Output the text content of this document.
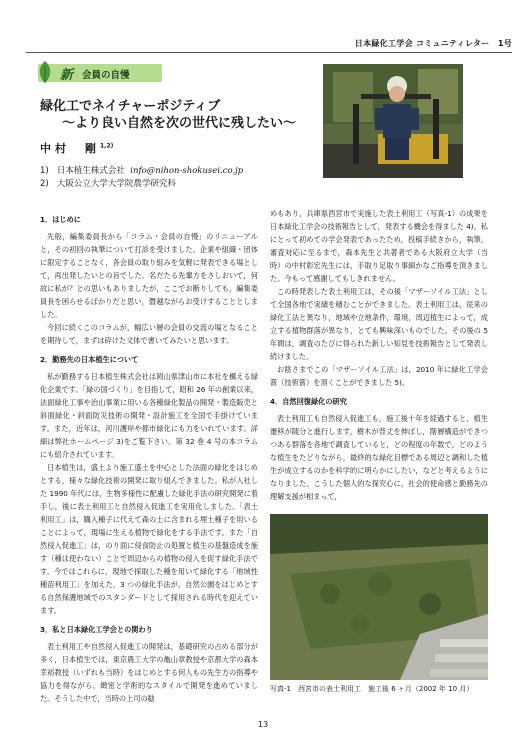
日本緑化工学会 コミュニティレター　1号
新 会員の自慢
緑化工でネイチャーポジティブ
〜より良い自然を次の世代に残したい〜
中村　剛$^{1,2)}$
1) 日本植生株式会社 info@nihon-shokusei.co.jp
2) 大阪公立大学大学院農学研究科

1．はじめに

先般，編集委員長から「コラム・会員の自慢」のリニューアルと，その初回の執筆について打診を受けました。企業や組織・団体に限定することなく，各会員の取り組みを気軽に発表できる場として，再出発したいとの旨でした。名だたる先輩方をさしおいて，何故に私が？との思いもありましたが，ここでお断りしても，編集委員長を困らせるばかりだと思い，僭越ながらお受けすることとしました。

今回に続くこのコラムが，幅広い層の会員の交流の場となることを期待して，まずは砕けた文体で書いてみたいと思います。

2．勤務先の日本植生について

私が勤務する日本植生株式会社は岡山県津山市に本社を構える緑化企業です。「緑の国づくり」を目指して，昭和 26 年の創業以来，法面緑化工事や治山事業に用いる各種緑化製品の開発・製造販売と斜面緑化・斜面防災技術の開発・設計施工を全国で手掛けています。また，近年は，河川護岸や都市緑化にも力をいれています。詳細は弊社ホームページ 3)をご覧下さい。第 32 巻 4 号の本コラムにも紹介されています。

日本植生は，盛土より施工盛土を中心とした法面の緑化をはじめとする，様々な緑化技術の開発に取り組んできました。私が入社した 1990 年代には，生物多様性に配慮した緑化手法の研究開発に着手し，後に表土利用工と自然侵入促進工を実用化しました。「表土利用工」は，購入種子に代えて森の土に含まれる埋土種子を用いることによって，現場に生える植物で緑化をする手法です。また「自然侵入促進工」は，のり面に侵食防止の処置と植生の基盤造成を施す（種は使わない）ことで周辺からの植物の侵入を促す緑化手法です。今ではこれらに，現地で採取した種を用いて緑化する「地域性種苗利用工」を加えた，3 つの緑化手法が，自然公園をはじめとする自然保護地域でのスタンダードとして採用される時代を迎えています。

3．私と日本緑化工学会との関わり

表土利用工や自然侵入促進工の開発は，基礎研究の占める部分が多く，日本植生では，東京農工大学の亀山章教授や京都大学の森本幸裕教授（いずれも当時）をはじめとする何人もの先生方の指導や協力を得ながら，緻密と学術的なスタイルで開発を進めていました。そうした中で，当時の上司の勧

めもあり，兵庫県西宮市で実施した表土利用工（写真-1）の成果を日本緑化工学会の技術報告として，発表する機会を得ました 4)。私にとって初めての学会発表であったため，投稿手続きから，執筆，審査対応に至るまで，森本先生と共著者である大阪府立大学（当時）の中村彰宏先生には，手取り足取り事細かなご指導を頂きました。今もって感謝してもしきれません。

この時発表した表土利用工は，その後「マザーソイル工法」として全国各地で実績を積むことができました。表土利用工は，従来の緑化工法と異なり，地域や立地条件，環境，周辺植生によって，成立する植物群落が異なり，とても興味深いものでした。その後の 5 年間は，調査のたびに得られた新しい知見を技術報告として発表し続けました。

お陰さまでこの「マザーソイル工法」は，2010 年に緑化工学会賞（技術賞）を頂くことができました 5)。

4．自然回復緑化の研究

表土利用工も自然侵入促進工も，施工後十年を経過すると，植生遷移が随分と進行します。樹木が背丈を伸ばし，階層構造ができつつある群落を各地で調査していると，どの程度の年数で，どのような植生をたどりながら，最終的な緑化目標である周辺と調和した植生が成立するのかを科学的に明らかにしたい，などと考えるようになりました。こうした個人的な探究心に，社会的使命感と勤務先の理解支援が相まって，

写真-1　西宮市の表土利用工　施工後 6 ヶ月（2002 年 10 月）
13
